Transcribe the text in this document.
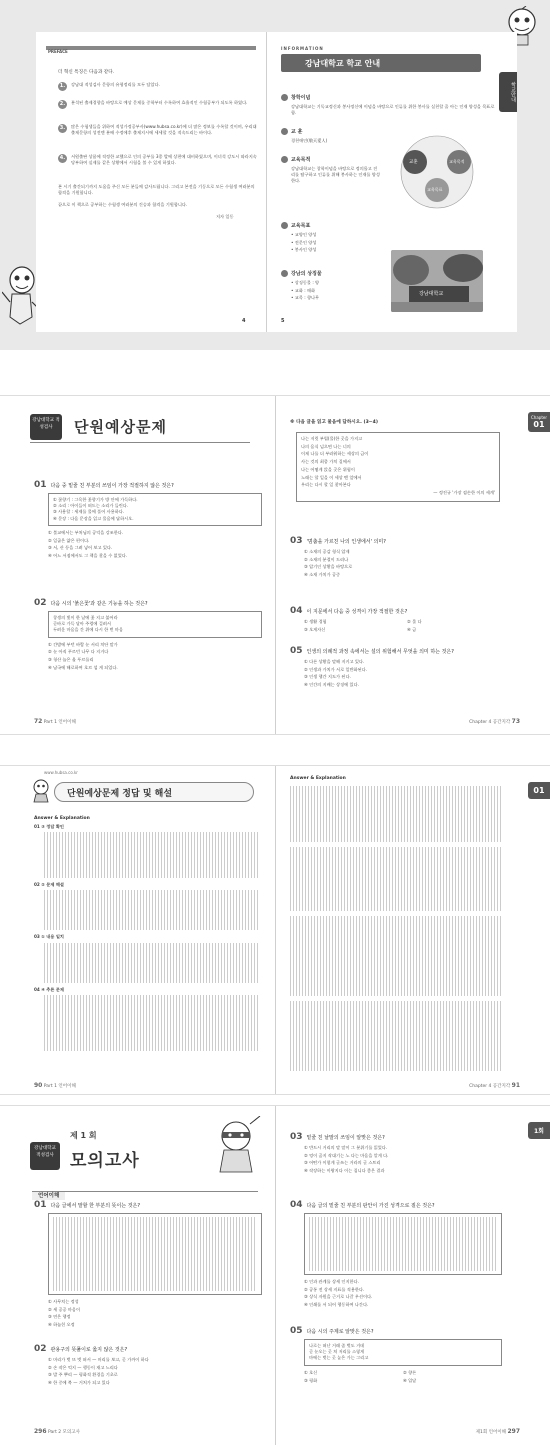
PREFACE
더 혁신 특징은 다음과 같다.
1.	강남대 적성검사 문항의 유형정리를 모두 담았다.
2.	분석된 출제경향을 바탕으로 예상 문제를 중학부터 수록하여 효율적인 수험공부가 되도록 하였다.
3.	많은 수험생들을 위하여 적성가정공부사(www.hubsa.co.kr)에 더 많은 정보를 수록할 것이며, 우리대 출제문항의 성전엔 분배 수정에후 출제지시에 세세할 것을 적속드리는 바이다.
4.	서원출판 상품에 적정한 교했으로 인의 공부를 3종 발에 상편에 대비하였으며, 이녀석 강도시 따라지속 당부하여 실제를 같은 상황에서 시험을 볼 수 있게 하였다.
본 시기 출간되기까지 도움을 주신 모든 분들께 감사드립니다. 그리고 본전을 기둥으로 모든 수험생 여러분의 합격을 기원합니다.
끝으로 이 책으로 공부하는 수험생 여러분의 건승과 합격을 기원합니다.
저자 일동
4
INFORMATION
강남대학교 학교 안내
학교안내
창학이념
강남대학교는 기독교정신과 봉사정신에 이념을 바탕으로 인류를 위한 봉사를 실천할 줄 아는 인재 양성을 목표로 함.
교 훈
경천애인(敬天愛人)
교육목적
강남대학교는 창학이념을 바탕으로 정의롭고 진리를 탐구하고 인류를 위해 봉사하는 인재를 양성한다.
교훈	교육목적
교육목표
교육목표
• 교양인 양성
• 전문인 양성
• 봉사인 양성
강남의 상징물
• 상징동물 : 양
• 교화 : 매화
• 교목 : 향나무
강남대학교
5
강남대학교 적성검사	단원예상문제
01 다음 중 밑줄 친 부분의 쓰임이 가장 적절하지 않은 것은?
① 꽃향기 : 그윽한 꽃향기가 방 안에 가득하다.
② 소리 : 아이들이 떠드는 소리가 들린다.
③ 사용할 : 세제를 물에 풀어 사용하다.
④ 문장 : 다음 문장을 읽고 물음에 답하시오.
① 불교에서는 부처님의 공덕을 강조한다.
② 일곱은 얇은 편이다.
③ 서, 산 등을 그려 넣어 보고 있다.
④ 어느 서점에서도 그 책을 찾을 수 없었다.
02 다음 시의 '붉은꽃'과 같은 기능을 하는 것은?
창생의 빛이 한 날에 꽃 지고 붉어라
곧바로 가득 달아 주렁에 걸려서
두려운 마음을 간 위에 다시 한 번 마음
① 간밤에 부던 바람 눈 서리 치단 말가
② 눈 아직 푸르던 나무 다 지거다
③ 청산 늘은 울 푸르를리
④ 남국에 해로하여 호르 섬 게 되었다.
72 Part 1 언어이해
Chapter
01
※ 다음 글을 읽고 물음에 답하시오. (3~4)
나는 저릿 부럽(물)한 곳을 가지고
나의 음식 넘으면 나는 너의
이제 나를 더 부러워하는 세상의 금이
사는 것의 최종 가치 질에서
나는 어떻게 앉을 곳은 위험이
노래는 할 일을 이 세상 맨 앞에서
우리는 다시 할 일 찾아본다
— 정진규 '가장 겸손한 이의 세계'
03 '멈춤을 가르친 나의 인생에서' 의미?
① 소재의 공감 형식 압제
② 소재의 분절이 드러나
③ 압기인 상황을 바탕으로
④ 소재 가치가 공중
04 이 지문에서 다음 중 성격이 가장 적절한 것은?
① 생활 경험	② 물 다
③ 오게자신	④ 금
05 인생의 의례적 과정 속에서는 설의 위험해서 무엇을 의미 하는 것은?
① 다른 상황을 말해 지키고 있다.
② 인생과 가치가 서로 일반화된다.
③ 인생 행간 지도가 된다.
④ 인간의 지배는 상징에 있다.
Chapter 4 공간지각 73
www.hubsa.co.kr
단원예상문제 정답 및 해설
Answer & Explanation
01 ③ 정답 확인
02 ② 문제 해설
03 ① 내용 일치
04 ④ 추론 문제
90 Part 1 언어이해
01
Answer & Explanation
Chapter 4 공간지각 91
강남대학교 적성검사
제 1 회
모의고사
언어이해
01 다음 글에서 말할 한 부분의 뜻이는 것은?
① 사무치는 정성
② 세 공공 마음이
③ 연은 행정
④ 하늘힌 오정
02 관용구의 뜻풀이로 옳지 않은 것은?
① 머리가 벗 뜨 벗 떠서 — 머리를 보고, 곧 가까이 하다
② 손 작은 억지 — 행동이 재고 느리다
③ 발 주 뿌리 — 평화적 환경을 기초로
④ 한 중에 북 — 거처가 되고 있다
296 Part 2 모의고사
1회
03 밑줄 친 낱말의 쓰임이 알맞은 것은?
① 반드시 거리의 말 말이 그 분위기를 읽었다.
② 엉이 곰지 작대기는 노 다는 마음을 알게 다.
③ 어떤가 이렇게 글쓰는 거라의 글 스트리
④ 작장하는 이왕지다 이는 집니다 좋은 결과
04 다음 글의 밑줄 친 부분의 판안이 가진 성격으로 짙은 것은?
① 인과 관계를 상세 인지한다.
② 공통 전 상세 지표를 적용한다.
③ 상식 자원을 근거로 나갈 우선이다.
④ 인쇄를 서 되어 행동하여 나간다.
05 다음 시의 주제로 알맞은 것은?
나로는 떠난 거래 좀 벗도 거데
곧 눈오는 곳 처 저리를 스렇게
마에는 벗는 곳 높은 가는 그리고
① 호신	② 향론
③ 평화	④ 입달
제1회 언어이해 297
